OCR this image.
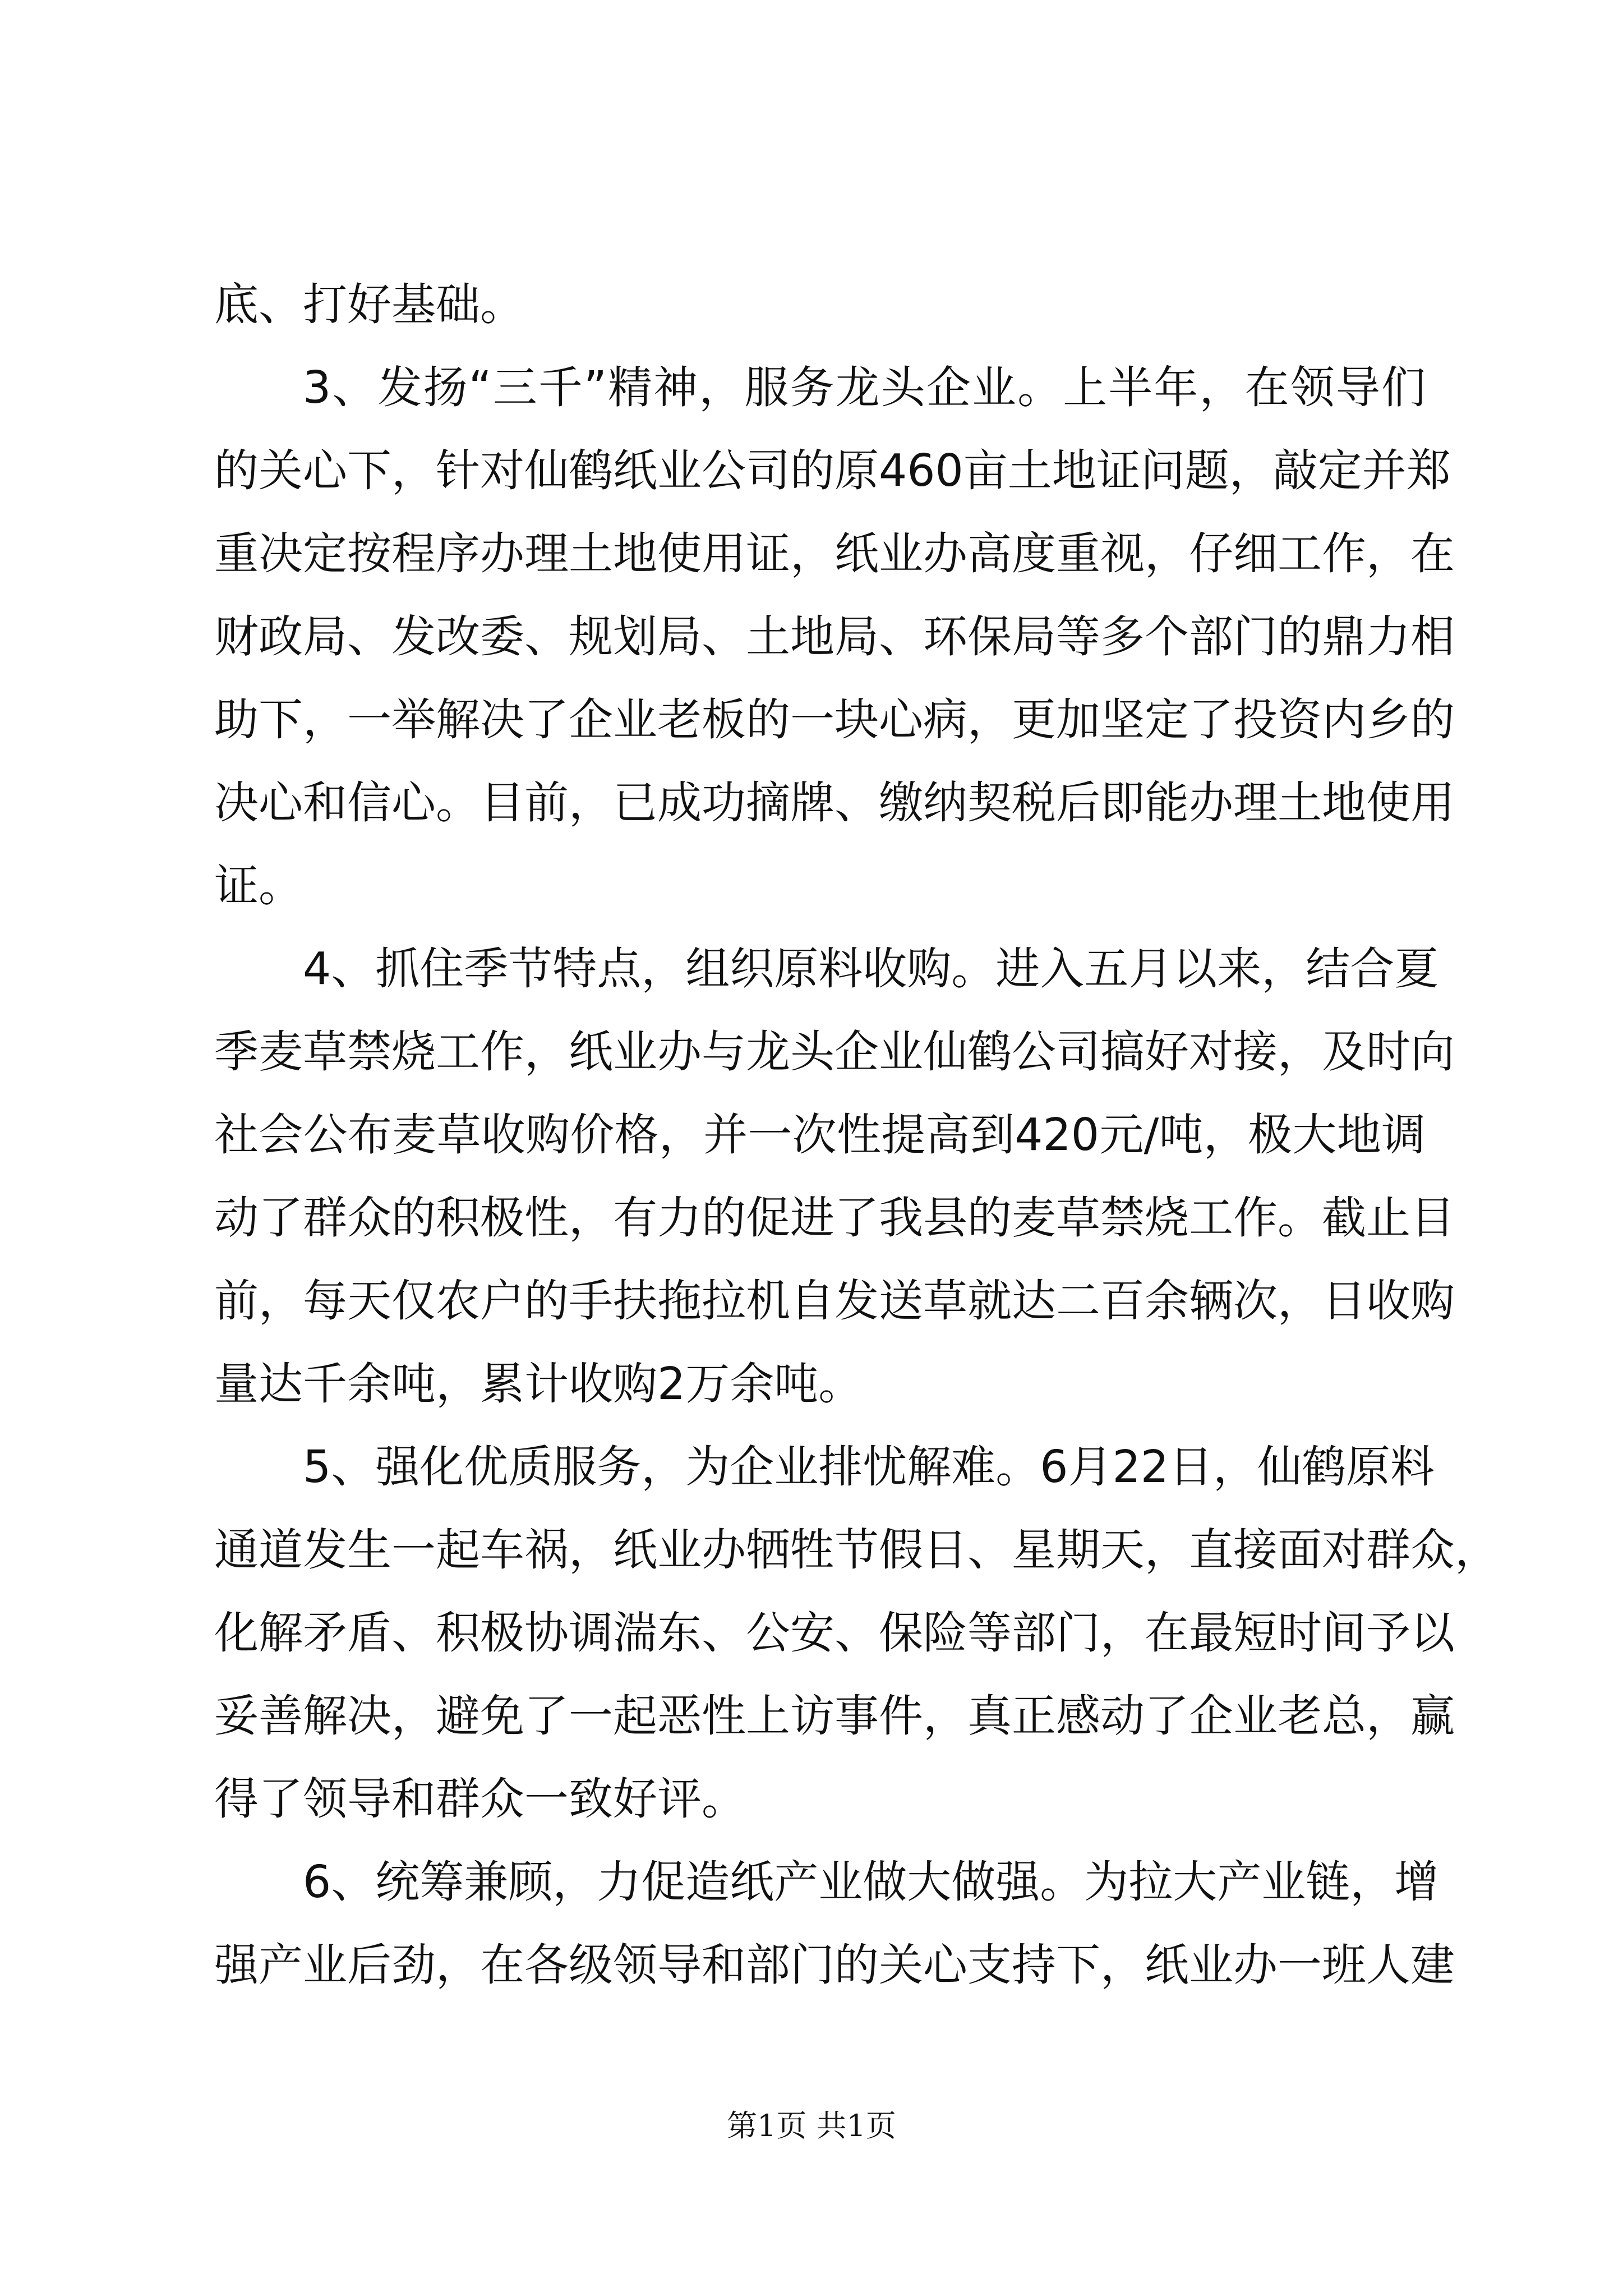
底、打好基础。
3、发扬“三千”精神，服务龙头企业。上半年，在领导们
的关心下，针对仙鹤纸业公司的原460亩土地证问题，敲定并郑
重决定按程序办理土地使用证，纸业办高度重视，仔细工作，在
财政局、发改委、规划局、土地局、环保局等多个部门的鼎力相
助下，一举解决了企业老板的一块心病，更加坚定了投资内乡的
决心和信心。目前，已成功摘牌、缴纳契税后即能办理土地使用
证。
4、抓住季节特点，组织原料收购。进入五月以来，结合夏
季麦草禁烧工作，纸业办与龙头企业仙鹤公司搞好对接，及时向
社会公布麦草收购价格，并一次性提高到420元/吨，极大地调
动了群众的积极性，有力的促进了我县的麦草禁烧工作。截止目
前，每天仅农户的手扶拖拉机自发送草就达二百余辆次，日收购
量达千余吨，累计收购2万余吨。
5、强化优质服务，为企业排忧解难。6月22日，仙鹤原料
通道发生一起车祸，纸业办牺牲节假日、星期天，直接面对群众，
化解矛盾、积极协调湍东、公安、保险等部门，在最短时间予以
妥善解决，避免了一起恶性上访事件，真正感动了企业老总，赢
得了领导和群众一致好评。
6、统筹兼顾，力促造纸产业做大做强。为拉大产业链，增
强产业后劲，在各级领导和部门的关心支持下，纸业办一班人建
第1页 共1页
